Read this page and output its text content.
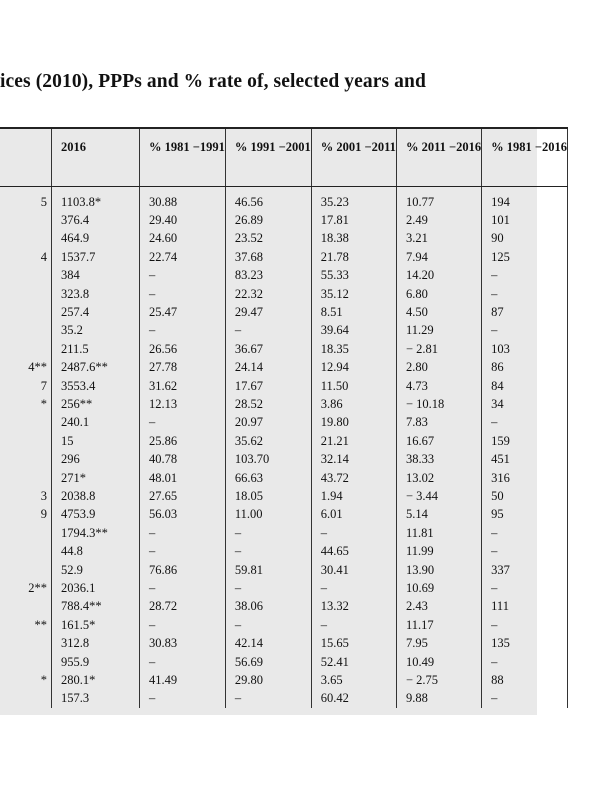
ices (2010), PPPs and % rate of, selected years and
	2016	% 1981 −1991	% 1991 −2001	% 2001 −2011	% 2011 −2016	% 1981 −2016
5	1103.8*	30.88	46.56	35.23	10.77	194
	376.4	29.40	26.89	17.81	2.49	101
	464.9	24.60	23.52	18.38	3.21	90
4	1537.7	22.74	37.68	21.78	7.94	125
	384	–	83.23	55.33	14.20	–
	323.8	–	22.32	35.12	6.80	–
	257.4	25.47	29.47	8.51	4.50	87
	35.2	–	–	39.64	11.29	–
	211.5	26.56	36.67	18.35	− 2.81	103
4**	2487.6**	27.78	24.14	12.94	2.80	86
7	3553.4	31.62	17.67	11.50	4.73	84
*	256**	12.13	28.52	3.86	− 10.18	34
	240.1	–	20.97	19.80	7.83	–
	15	25.86	35.62	21.21	16.67	159
	296	40.78	103.70	32.14	38.33	451
	271*	48.01	66.63	43.72	13.02	316
3	2038.8	27.65	18.05	1.94	− 3.44	50
9	4753.9	56.03	11.00	6.01	5.14	95
	1794.3**	–	–	–	11.81	–
	44.8	–	–	44.65	11.99	–
	52.9	76.86	59.81	30.41	13.90	337
2**	2036.1	–	–	–	10.69	–
	788.4**	28.72	38.06	13.32	2.43	111
**	161.5*	–	–	–	11.17	–
	312.8	30.83	42.14	15.65	7.95	135
	955.9	–	56.69	52.41	10.49	–
*	280.1*	41.49	29.80	3.65	− 2.75	88
	157.3	–	–	60.42	9.88	–
